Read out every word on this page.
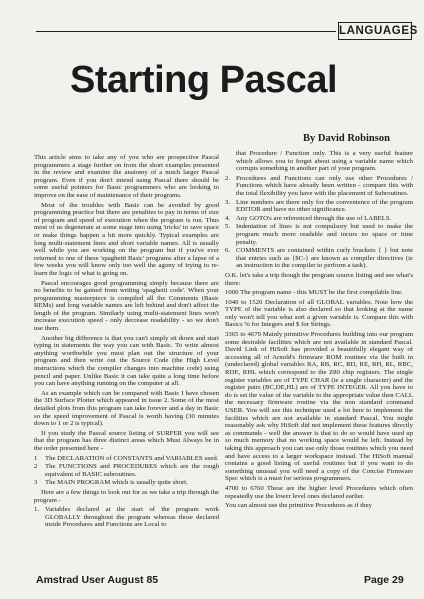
LANGUAGES
Starting Pascal
By David Robinson

This article aims to take any of you who are prospective Pascal programmers a stage further on from the short examples presented in the review and examine the anatomy of a much larger Pascal program. Even if you don't intend using Pascal there should be some useful pointers for Basic programmers who are looking to improve on the ease of maintenance of their programs.

Most of the troubles with Basic can be avoided by good programming practice but there are penalties to pay in terms of size of program and speed of execution when the program is run. Thus most of us degenerate at some stage into using 'tricks' to save space or make things happen a bit more quickly. Typical examples are long multi-statement lines and short variable names. All is usually well while you are working on the program but if you've ever returned to one of these 'spaghetti Basic' programs after a lapse of a few weeks you will know only too well the agony of trying to re-learn the logic of what is going on.

Pascal encourages good programming simply because there are no benefits to be gained from writing 'spaghetti code'. When your programming masterpiece is compiled all the Comments (Basic REMs) and long variable names are left behind and don't affect the length of the program. Similarly using multi-statement lines won't increase execution speed - only decrease readability - so we don't use them.

Another big difference is that you can't simply sit down and start typing in statements the way you can with Basic. To write almost anything worthwhile you must plan out the structure of your program and then write out the Source Code (the High Level instructions which the compiler changes into machine code) using pencil and paper. Unlike Basic it can take quite a long time before you can have anything running on the computer at all.

As an example which can be compared with Basic I have chosen the 3D Surface Plotter which appeared in issue 2. Some of the most detailed plots from this program can take forever and a day in Basic so the speed improvement of Pascal is worth having (30 minutes down to 1 or 2 is typical).

If you study the Pascal source listing of SURFER you will see that the program has three distinct areas which Must Always be in the order presented here -

1	The DECLARATION of CONSTANTS and VARIABLES used.
2	The FUNCTIONS and PROCEDURES which are the rough equivalent of BASIC subroutines.
3	The MAIN PROGRAM which is usually quite short.

Here are a few things to look out for as we take a trip through the program -

1. Variables declared at the start of the program work GLOBALLY throughout the program whereas those declared inside Procedures and Functions are Local to

that Procedure / Function only. This is a very useful feature which allows you to forget about using a variable name which corrupts something in another part of your program.

2. Procedures and Functions can only use other Procedures / Functions which have already been written - compare this with the total flexibility you have with the placement of Subroutines.
3. Line numbers are there only for the convenience of the program EDITOR and have no other significance.
4. Any GOTO's are referenced through the use of LABELS.
5. Indentation of lines is not compulsory but used to make the program much more readable and incurs no space or time penalty.
6. COMMENTS are contained within curly brackets { } but note that entries such as {$C-} are known as compiler directives (ie an instruction to the compiler to perform a task).

O.K. let's take a trip though the program source listing and see what's there:

1000 The program name - this MUST be the first compilable line.

1040 to 1520 Declaration of all GLOBAL variables. Note how the TYPE of the variable is also declared so that looking at the name only won't tell you what sort a given variable is. Compare this with Basics % for Integers and $ for Strings.

3365 to 4679 Mainly primitive Procedures building into our program some desirable facilities which are not available in standard Pascal. David Link of HiSoft has provided a beautifully elegant way of accessing all of Arnold's firmware ROM routines via the built in (undeclared) global variables RA, RB, RC, RD, RE, RH, RL, RBC, RDE, RHL which correspond to the Z80 chip registers. The single register variables are of TYPE CHAR (ie a single character) and the register pairs (BC,DE,HL) are of TYPE INTEGER. All you have to do is set the value of the variable to the appropriate value then CALL the necessary firmware routine via the non standard command USER. You will see this technique used a lot here to implement the facilities which are not available in standard Pascal. You might reasonably ask why HiSoft did not implement these features directly as commands - well the answer is that to do so would have used up so much memory that no working space would be left. Instead by taking this approach you can use only those routines which you need and have access to a larger workspace instead. The HiSoft manual contains a good listing of useful routines but if you want to do something unusual you will need a copy of the Concise Firmware Spec which is a must for serious programmers.

4700 to 6760 These are the higher level Procedures which often repeatedly use the lower level ones declared earlier.

You can almost use the primitive Procedures as if they

Amstrad User August 85	Page 29
